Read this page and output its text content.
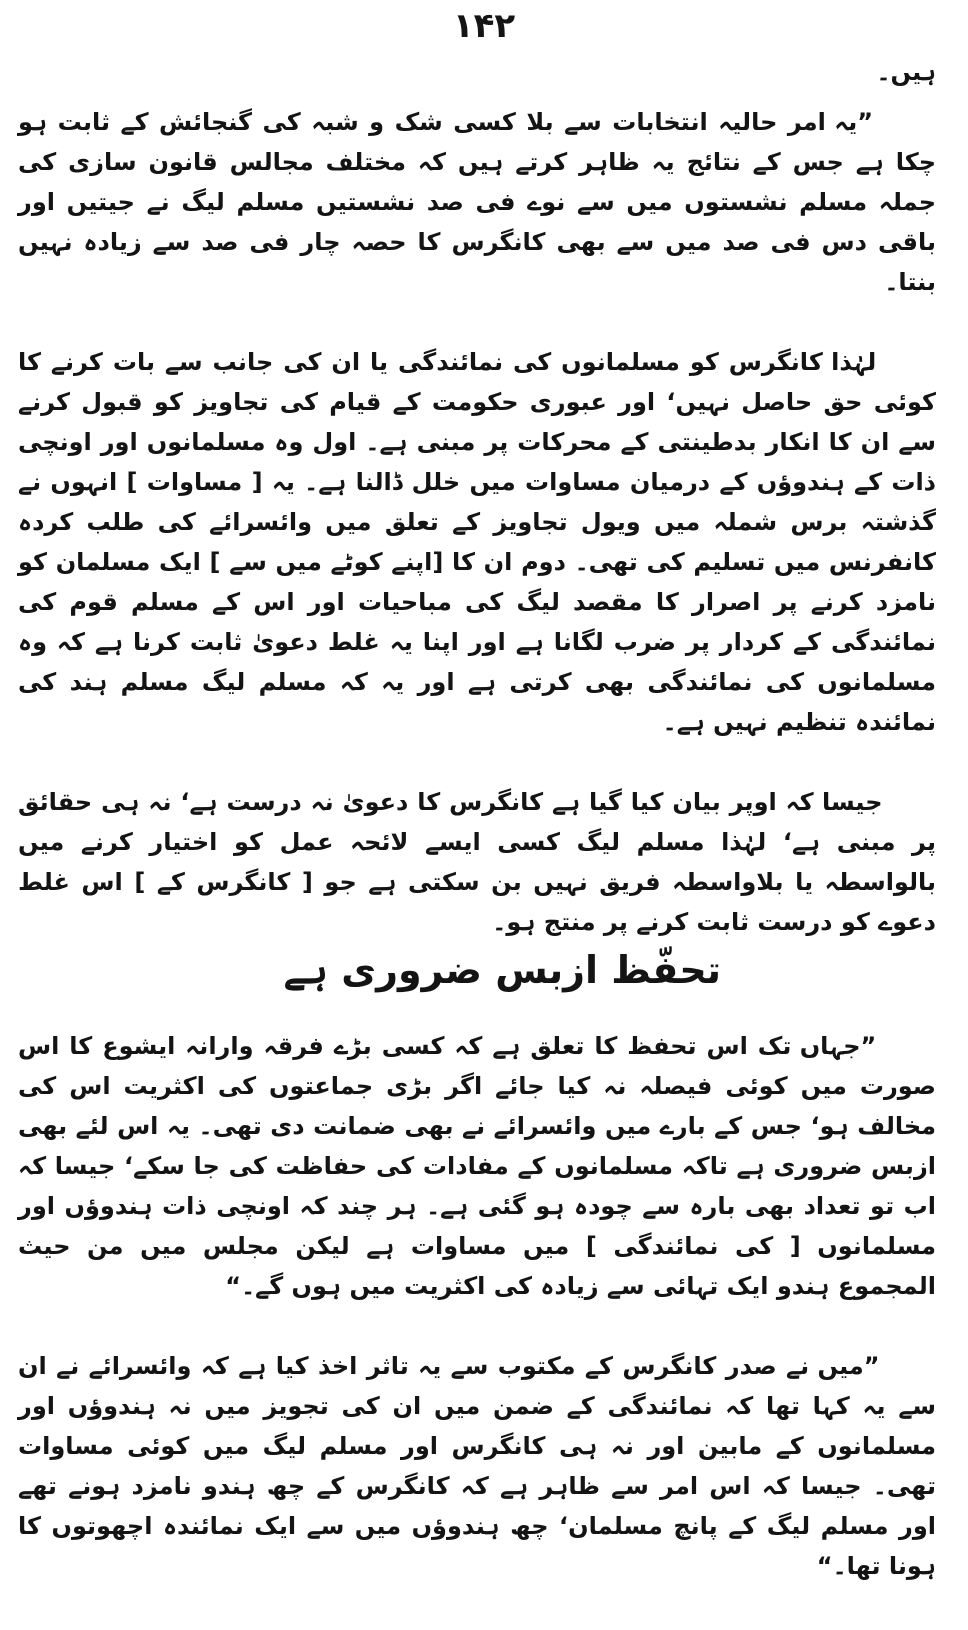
۱۴۲

ہیں۔

”یہ امر حالیہ انتخابات سے بلا کسی شک و شبہ کی گنجائش کے ثابت ہو چکا ہے جس کے نتائج یہ ظاہر کرتے ہیں کہ مختلف مجالس قانون سازی کی جملہ مسلم نشستوں میں سے نوے فی صد نشستیں مسلم لیگ نے جیتیں اور باقی دس فی صد میں سے بھی کانگرس کا حصہ چار فی صد سے زیادہ نہیں بنتا۔

لہٰذا کانگرس کو مسلمانوں کی نمائندگی یا ان کی جانب سے بات کرنے کا کوئی حق حاصل نہیں‘ اور عبوری حکومت کے قیام کی تجاویز کو قبول کرنے سے ان کا انکار بدطینتی کے محرکات پر مبنی ہے۔ اول وہ مسلمانوں اور اونچی ذات کے ہندوؤں کے درمیان مساوات میں خلل ڈالنا ہے۔ یہ [ مساوات ] انہوں نے گذشتہ برس شملہ میں ویول تجاویز کے تعلق میں وائسرائے کی طلب کردہ کانفرنس میں تسلیم کی تھی۔ دوم ان کا [اپنے کوٹے میں سے ] ایک مسلمان کو نامزد کرنے پر اصرار کا مقصد لیگ کی مباحیات اور اس کے مسلم قوم کی نمائندگی کے کردار پر ضرب لگانا ہے اور اپنا یہ غلط دعویٰ ثابت کرنا ہے کہ وہ مسلمانوں کی نمائندگی بھی کرتی ہے اور یہ کہ مسلم لیگ مسلم ہند کی نمائندہ تنظیم نہیں ہے۔

جیسا کہ اوپر بیان کیا گیا ہے کانگرس کا دعویٰ نہ درست ہے‘ نہ ہی حقائق پر مبنی ہے‘ لہٰذا مسلم لیگ کسی ایسے لائحہ عمل کو اختیار کرنے میں بالواسطہ یا بلاواسطہ فریق نہیں بن سکتی ہے جو [ کانگرس کے ] اس غلط دعوے کو درست ثابت کرنے پر منتج ہو۔

تحفّظ ازبس ضروری ہے

”جہاں تک اس تحفظ کا تعلق ہے کہ کسی بڑے فرقہ وارانہ ایشوع کا اس صورت میں کوئی فیصلہ نہ کیا جائے اگر بڑی جماعتوں کی اکثریت اس کی مخالف ہو‘ جس کے بارے میں وائسرائے نے بھی ضمانت دی تھی۔ یہ اس لئے بھی ازبس ضروری ہے تاکہ مسلمانوں کے مفادات کی حفاظت کی جا سکے‘ جیسا کہ اب تو تعداد بھی بارہ سے چودہ ہو گئی ہے۔ ہر چند کہ اونچی ذات ہندوؤں اور مسلمانوں [ کی نمائندگی ] میں مساوات ہے لیکن مجلس میں من حیث المجموع ہندو ایک تہائی سے زیادہ کی اکثریت میں ہوں گے۔“

”میں نے صدر کانگرس کے مکتوب سے یہ تاثر اخذ کیا ہے کہ وائسرائے نے ان سے یہ کہا تھا کہ نمائندگی کے ضمن میں ان کی تجویز میں نہ ہندوؤں اور مسلمانوں کے مابین اور نہ ہی کانگرس اور مسلم لیگ میں کوئی مساوات تھی۔ جیسا کہ اس امر سے ظاہر ہے کہ کانگرس کے چھ ہندو نامزد ہونے تھے اور مسلم لیگ کے پانچ مسلمان‘ چھ ہندوؤں میں سے ایک نمائندہ اچھوتوں کا ہونا تھا۔“
